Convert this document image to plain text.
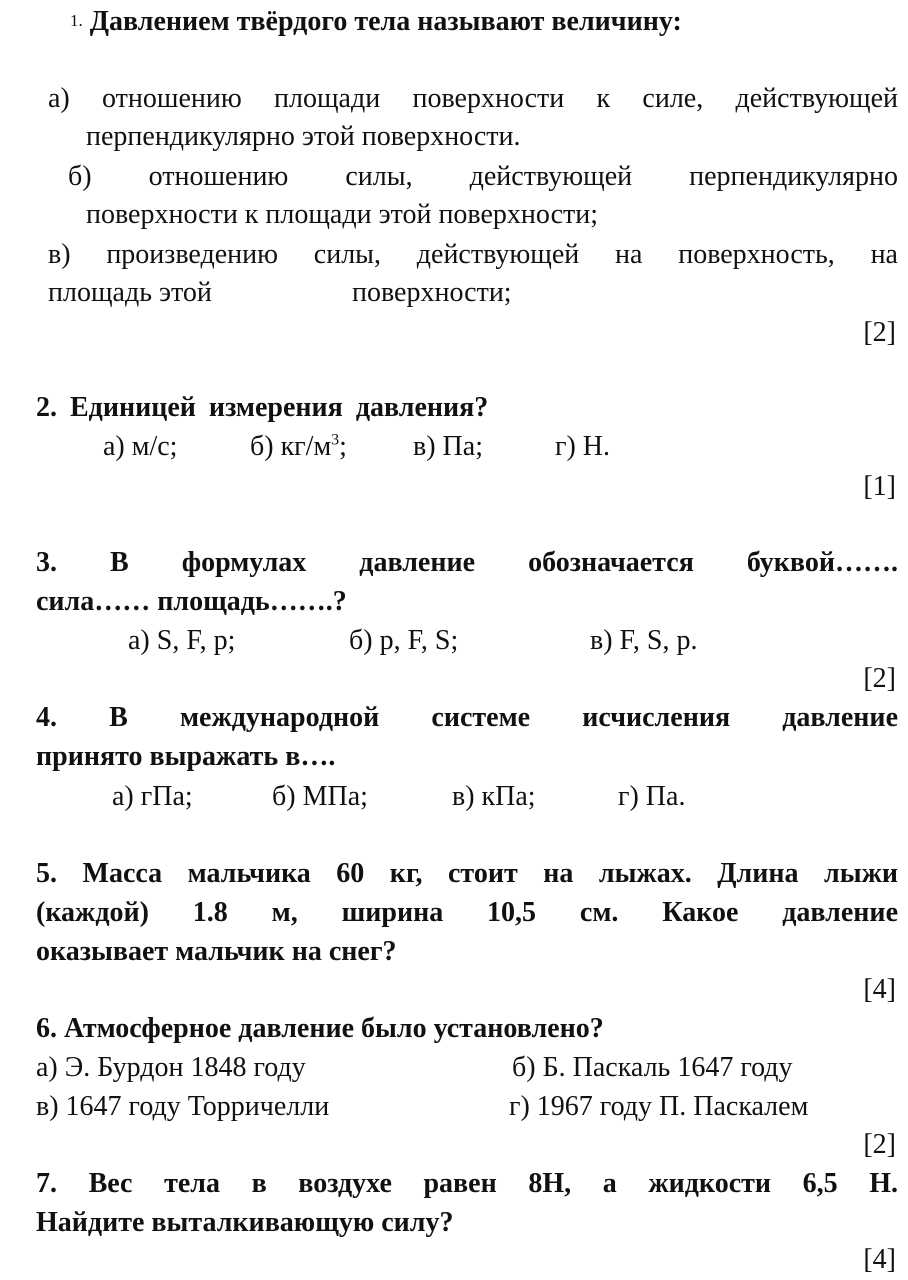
1. Давлением твёрдого тела называют величину:
а) отношению площади поверхности к силе, действующей
перпендикулярно этой поверхности.
б) отношению силы, действующей перпендикулярно
поверхности к площади этой поверхности;
в) произведению силы, действующей на поверхность, на
площадь этой	поверхности;
[2]
2. Единицей измерения давления?
а) м/с;	б) $кг/м^3$; в) Па;	г) Н.
[1]
3. В формулах давление обозначается буквой…….
сила…… площадь…….?
а) S, F, p;	б) p, F, S;	в) F, S, p.
[2]
4. В международной системе исчисления давление
принято выражать в….
а) гПа;	б) МПа;	в) кПа;	г) Па.
5. Масса мальчика 60 кг, стоит на лыжах. Длина лыжи
(каждой) 1.8 м, ширина 10,5 см. Какое давление
оказывает мальчик на снег?
[4]
6. Атмосферное давление было установлено?
а) Э. Бурдон 1848 году	б) Б. Паскаль 1647 году
в) 1647 году Торричелли	г) 1967 году П. Паскалем
[2]
7. Вес тела в воздухе равен 8Н, а жидкости 6,5 Н.
Найдите выталкивающую силу?
[4]
